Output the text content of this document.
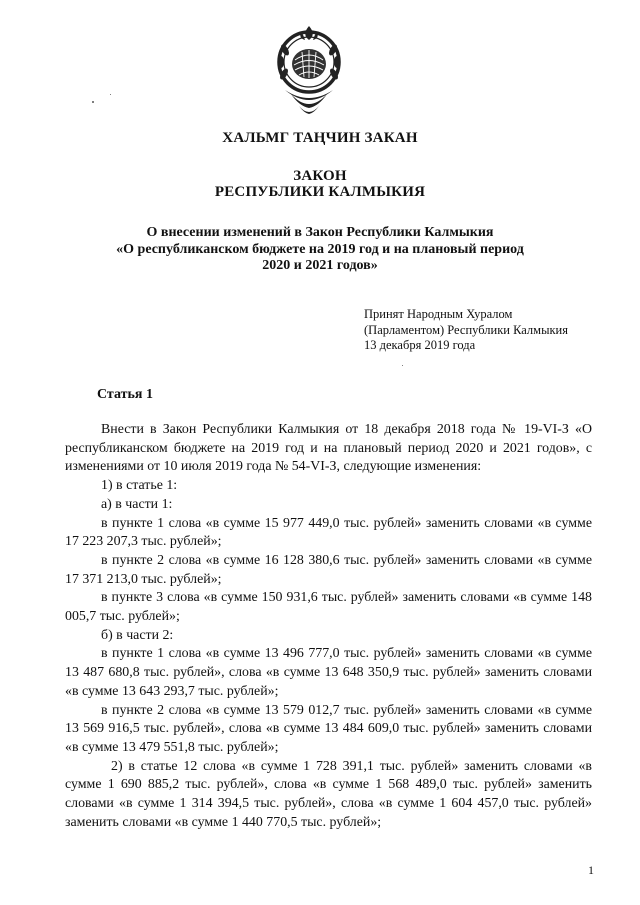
ХАЛЬМГ ТАҢЧИН ЗАКАН
ЗАКОН
РЕСПУБЛИКИ КАЛМЫКИЯ
О внесении изменений в Закон Республики Калмыкия
«О республиканском бюджете на 2019 год и на плановый период
2020 и 2021 годов»
Принят Народным Хуралом
(Парламентом) Республики Калмыкия
13 декабря 2019 года
Статья 1

Внести в Закон Республики Калмыкия от 18 декабря 2018 года № 19-VI-З «О республиканском бюджете на 2019 год и на плановый период 2020 и 2021 годов», с изменениями от 10 июля 2019 года № 54-VI-З, следующие изменения:

1) в статье 1:

а) в части 1:

в пункте 1 слова «в сумме 15 977 449,0 тыс. рублей» заменить словами «в сумме 17 223 207,3 тыс. рублей»;

в пункте 2 слова «в сумме 16 128 380,6 тыс. рублей» заменить словами «в сумме 17 371 213,0 тыс. рублей»;

в пункте 3 слова «в сумме 150 931,6 тыс. рублей» заменить словами «в сумме 148 005,7 тыс. рублей»;

б) в части 2:

в пункте 1 слова «в сумме 13 496 777,0 тыс. рублей» заменить словами «в сумме 13 487 680,8 тыс. рублей», слова «в сумме 13 648 350,9 тыс. рублей» заменить словами «в сумме 13 643 293,7 тыс. рублей»;

в пункте 2 слова «в сумме 13 579 012,7 тыс. рублей» заменить словами «в сумме 13 569 916,5 тыс. рублей», слова «в сумме 13 484 609,0 тыс. рублей» заменить словами «в сумме 13 479 551,8 тыс. рублей»;

2) в статье 12 слова «в сумме 1 728 391,1 тыс. рублей» заменить словами «в сумме 1 690 885,2 тыс. рублей», слова «в сумме 1 568 489,0 тыс. рублей» заменить словами «в сумме 1 314 394,5 тыс. рублей», слова «в сумме 1 604 457,0 тыс. рублей» заменить словами «в сумме 1 440 770,5 тыс. рублей»;

1
